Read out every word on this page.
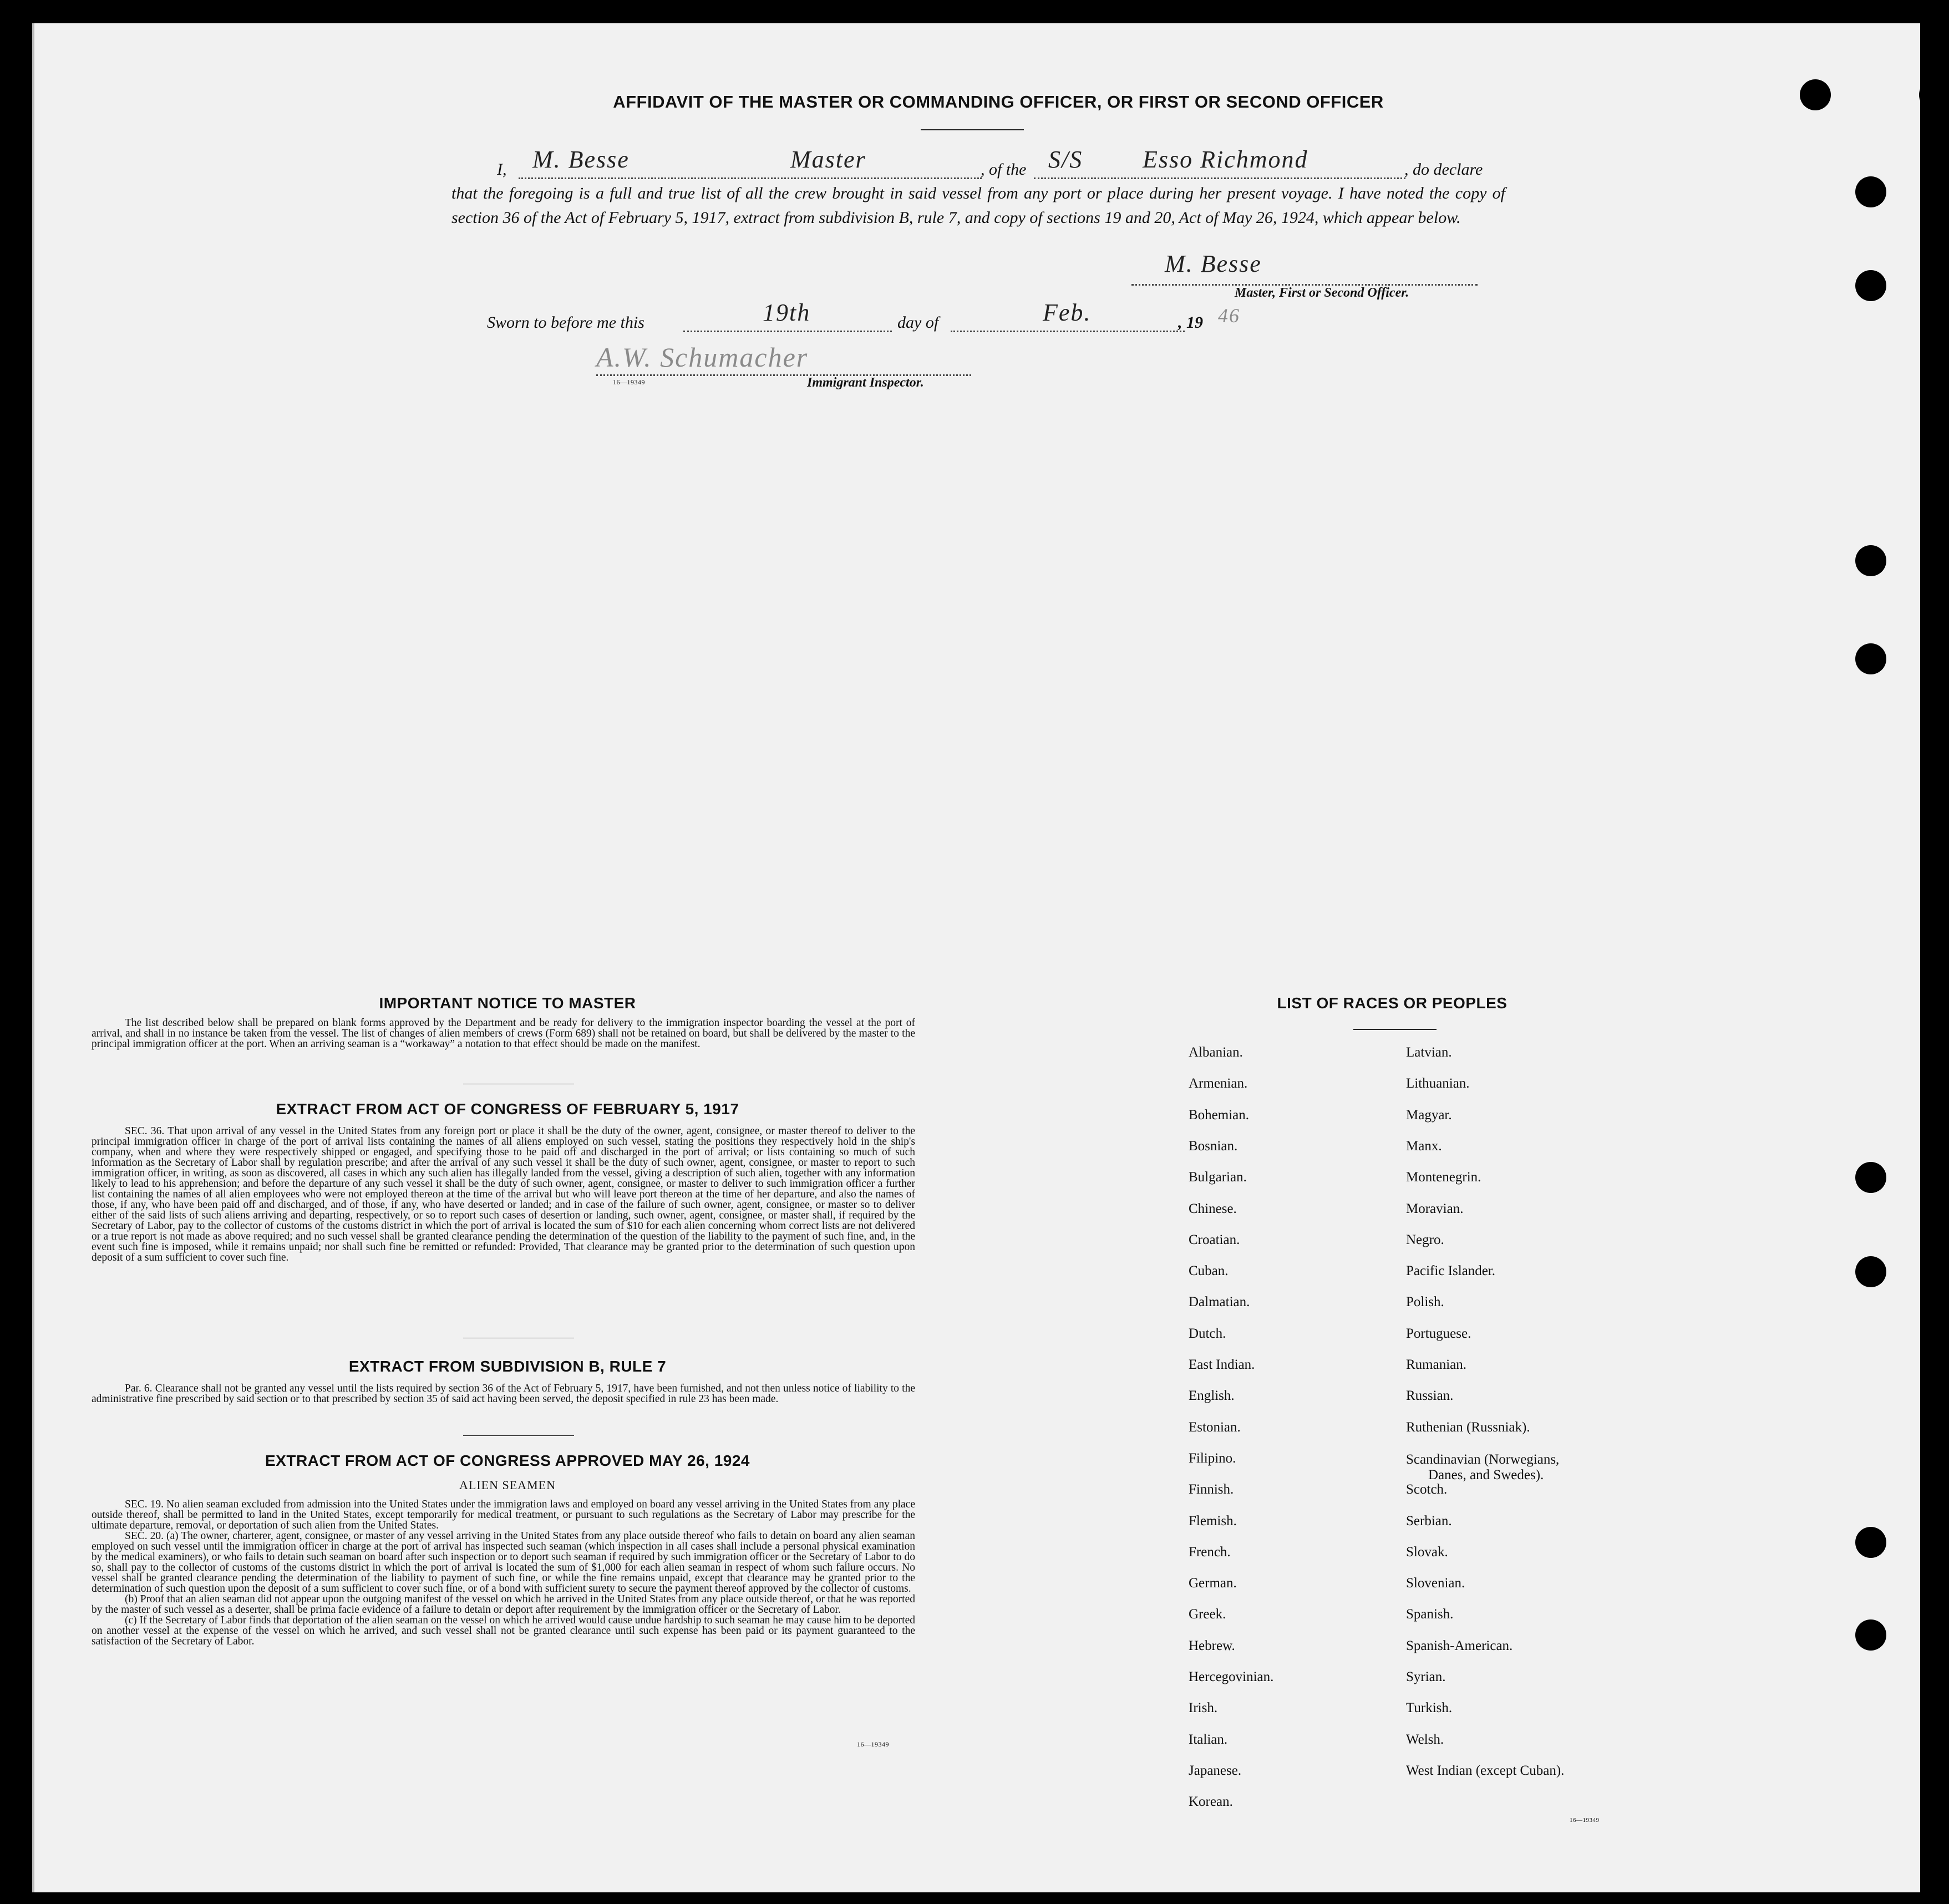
AFFIDAVIT OF THE MASTER OR COMMANDING OFFICER, OR FIRST OR SECOND OFFICER
I, M. Besse	Master	, of the S/S Esso Richmond	, do declare
that the foregoing is a full and true list of all the crew brought in said vessel from any port or place during her present voyage. I have noted the copy of section 36 of the Act of February 5, 1917, extract from subdivision B, rule 7, and copy of sections 19 and 20, Act of May 26, 1924, which appear below.
M. Besse
Master, First or Second Officer.
Sworn to before me this	19th	day of	Feb.	, 19 46
A.W. Schumacher
16—19349	Immigrant Inspector.
IMPORTANT NOTICE TO MASTER
The list described below shall be prepared on blank forms approved by the Department and be ready for delivery to the immigration inspector boarding the vessel at the port of arrival, and shall in no instance be taken from the vessel. The list of changes of alien members of crews (Form 689) shall not be retained on board, but shall be delivered by the master to the principal immigration officer at the port. When an arriving seaman is a “workaway” a notation to that effect should be made on the manifest.
EXTRACT FROM ACT OF CONGRESS OF FEBRUARY 5, 1917
SEC. 36. That upon arrival of any vessel in the United States from any foreign port or place it shall be the duty of the owner, agent, consignee, or master thereof to deliver to the principal immigration officer in charge of the port of arrival lists containing the names of all aliens employed on such vessel, stating the positions they respectively hold in the ship's company, when and where they were respectively shipped or engaged, and specifying those to be paid off and discharged in the port of arrival; or lists containing so much of such information as the Secretary of Labor shall by regulation prescribe; and after the arrival of any such vessel it shall be the duty of such owner, agent, consignee, or master to report to such immigration officer, in writing, as soon as discovered, all cases in which any such alien has illegally landed from the vessel, giving a description of such alien, together with any information likely to lead to his apprehension; and before the departure of any such vessel it shall be the duty of such owner, agent, consignee, or master to deliver to such immigration officer a further list containing the names of all alien employees who were not employed thereon at the time of the arrival but who will leave port thereon at the time of her departure, and also the names of those, if any, who have been paid off and discharged, and of those, if any, who have deserted or landed; and in case of the failure of such owner, agent, consignee, or master so to deliver either of the said lists of such aliens arriving and departing, respectively, or so to report such cases of desertion or landing, such owner, agent, consignee, or master shall, if required by the Secretary of Labor, pay to the collector of customs of the customs district in which the port of arrival is located the sum of $10 for each alien concerning whom correct lists are not delivered or a true report is not made as above required; and no such vessel shall be granted clearance pending the determination of the question of the liability to the payment of such fine, and, in the event such fine is imposed, while it remains unpaid; nor shall such fine be remitted or refunded: Provided, That clearance may be granted prior to the determination of such question upon deposit of a sum sufficient to cover such fine.
EXTRACT FROM SUBDIVISION B, RULE 7
Par. 6. Clearance shall not be granted any vessel until the lists required by section 36 of the Act of February 5, 1917, have been furnished, and not then unless notice of liability to the administrative fine prescribed by said section or to that prescribed by section 35 of said act having been served, the deposit specified in rule 23 has been made.
EXTRACT FROM ACT OF CONGRESS APPROVED MAY 26, 1924
ALIEN SEAMEN

SEC. 19. No alien seaman excluded from admission into the United States under the immigration laws and employed on board any vessel arriving in the United States from any place outside thereof, shall be permitted to land in the United States, except temporarily for medical treatment, or pursuant to such regulations as the Secretary of Labor may prescribe for the ultimate departure, removal, or deportation of such alien from the United States.

SEC. 20. (a) The owner, charterer, agent, consignee, or master of any vessel arriving in the United States from any place outside thereof who fails to detain on board any alien seaman employed on such vessel until the immigration officer in charge at the port of arrival has inspected such seaman (which inspection in all cases shall include a personal physical examination by the medical examiners), or who fails to detain such seaman on board after such inspection or to deport such seaman if required by such immigration officer or the Secretary of Labor to do so, shall pay to the collector of customs of the customs district in which the port of arrival is located the sum of $1,000 for each alien seaman in respect of whom such failure occurs. No vessel shall be granted clearance pending the determination of the liability to payment of such fine, or while the fine remains unpaid, except that clearance may be granted prior to the determination of such question upon the deposit of a sum sufficient to cover such fine, or of a bond with sufficient surety to secure the payment thereof approved by the collector of customs.

(b) Proof that an alien seaman did not appear upon the outgoing manifest of the vessel on which he arrived in the United States from any place outside thereof, or that he was reported by the master of such vessel as a deserter, shall be prima facie evidence of a failure to detain or deport after requirement by the immigration officer or the Secretary of Labor.

(c) If the Secretary of Labor finds that deportation of the alien seaman on the vessel on which he arrived would cause undue hardship to such seaman he may cause him to be deported on another vessel at the expense of the vessel on which he arrived, and such vessel shall not be granted clearance until such expense has been paid or its payment guaranteed to the satisfaction of the Secretary of Labor.

16—19349
LIST OF RACES OR PEOPLES
Albanian.
Armenian.
Bohemian.
Bosnian.
Bulgarian.
Chinese.
Croatian.
Cuban.
Dalmatian.
Dutch.
East Indian.
English.
Estonian.
Filipino.
Finnish.
Flemish.
French.
German.
Greek.
Hebrew.
Hercegovinian.
Irish.
Italian.
Japanese.
Korean.
Latvian.
Lithuanian.
Magyar.
Manx.
Montenegrin.
Moravian.
Negro.
Pacific Islander.
Polish.
Portuguese.
Rumanian.
Russian.
Ruthenian (Russniak).
Scandinavian (Norwegians,
Danes, and Swedes).
Scotch.
Serbian.
Slovak.
Slovenian.
Spanish.
Spanish-American.
Syrian.
Turkish.
Welsh.
West Indian (except Cuban).
16—19349
